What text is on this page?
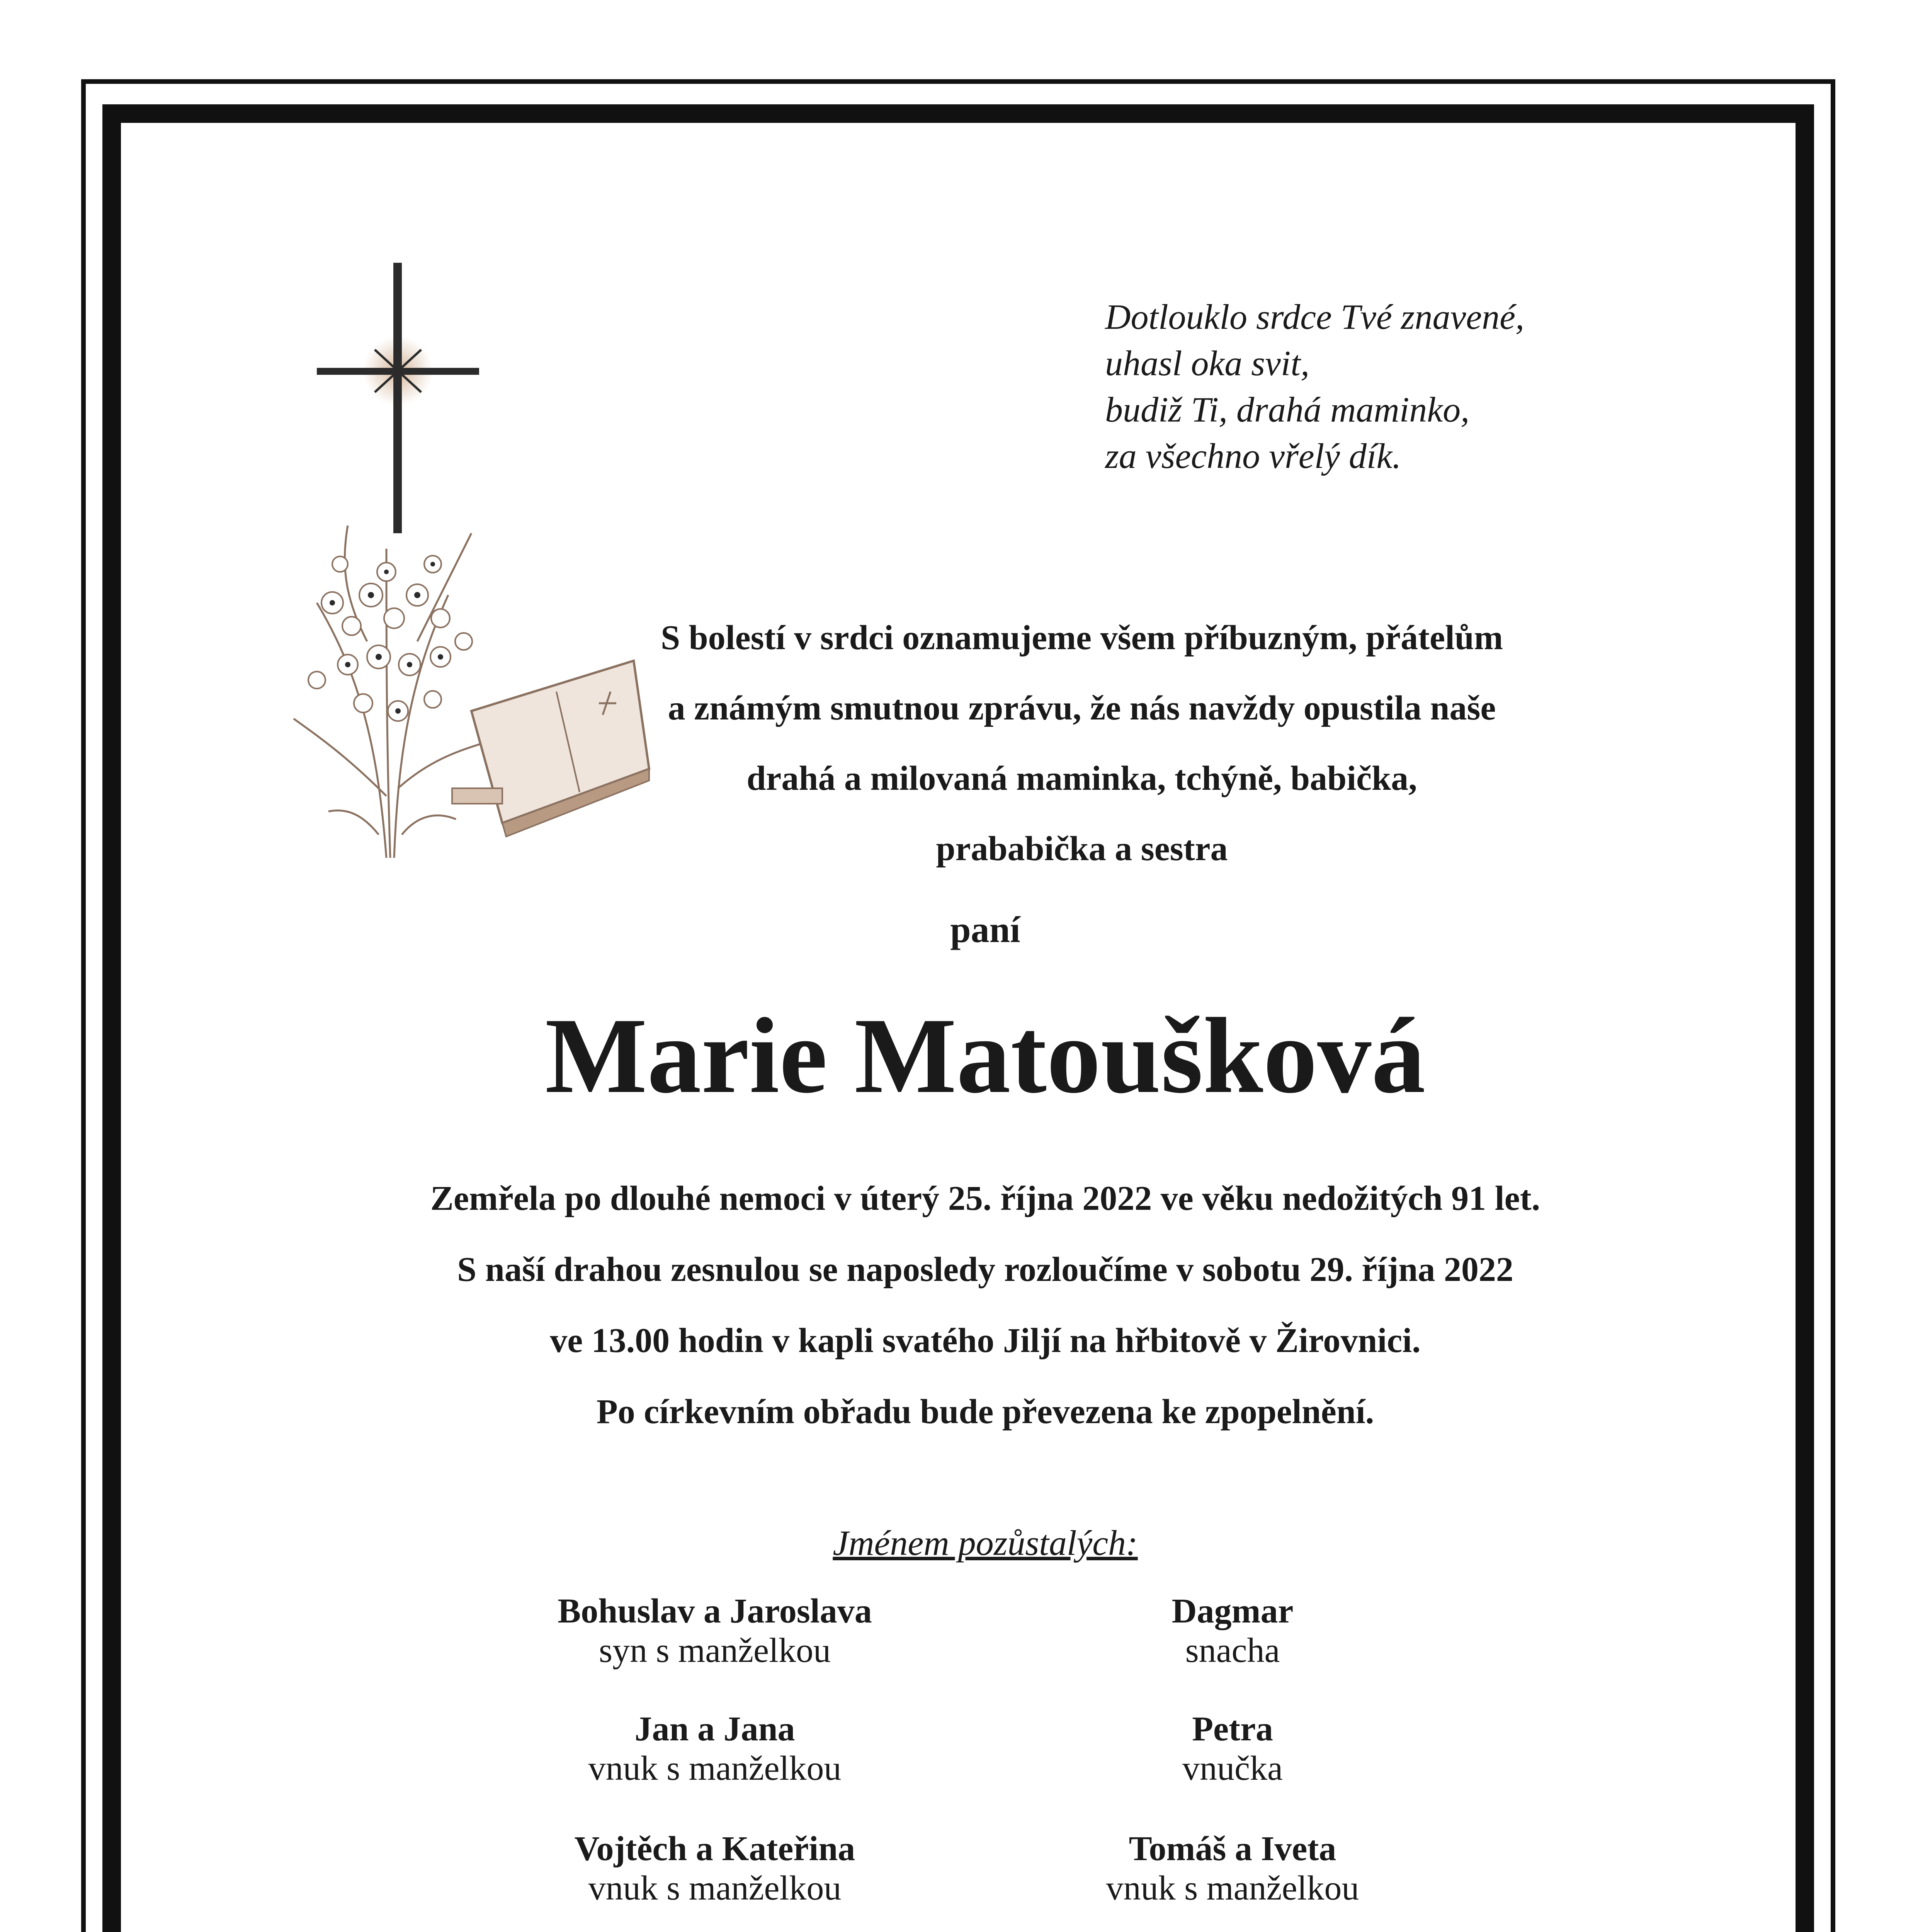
Dotlouklo srdce Tvé znavené,
uhasl oka svit,
budiž Ti, drahá maminko,
za všechno vřelý dík.
S bolestí v srdci oznamujeme všem příbuzným, přátelům
a známým smutnou zprávu, že nás navždy opustila naše
drahá a milovaná maminka, tchýně, babička,
prababička a sestra
paní
Marie Matoušková
Zemřela po dlouhé nemoci v úterý 25. října 2022 ve věku nedožitých 91 let.
S naší drahou zesnulou se naposledy rozloučíme v sobotu 29. října 2022
ve 13.00 hodin v kapli svatého Jiljí na hřbitově v Žirovnici.
Po církevním obřadu bude převezena ke zpopelnění.
Jménem pozůstalých:
Bohuslav a Jaroslava
syn s manželkou
Jan a Jana
vnuk s manželkou
Vojtěch a Kateřina
vnuk s manželkou
Dagmar
snacha
Petra
vnučka
Tomáš a Iveta
vnuk s manželkou
